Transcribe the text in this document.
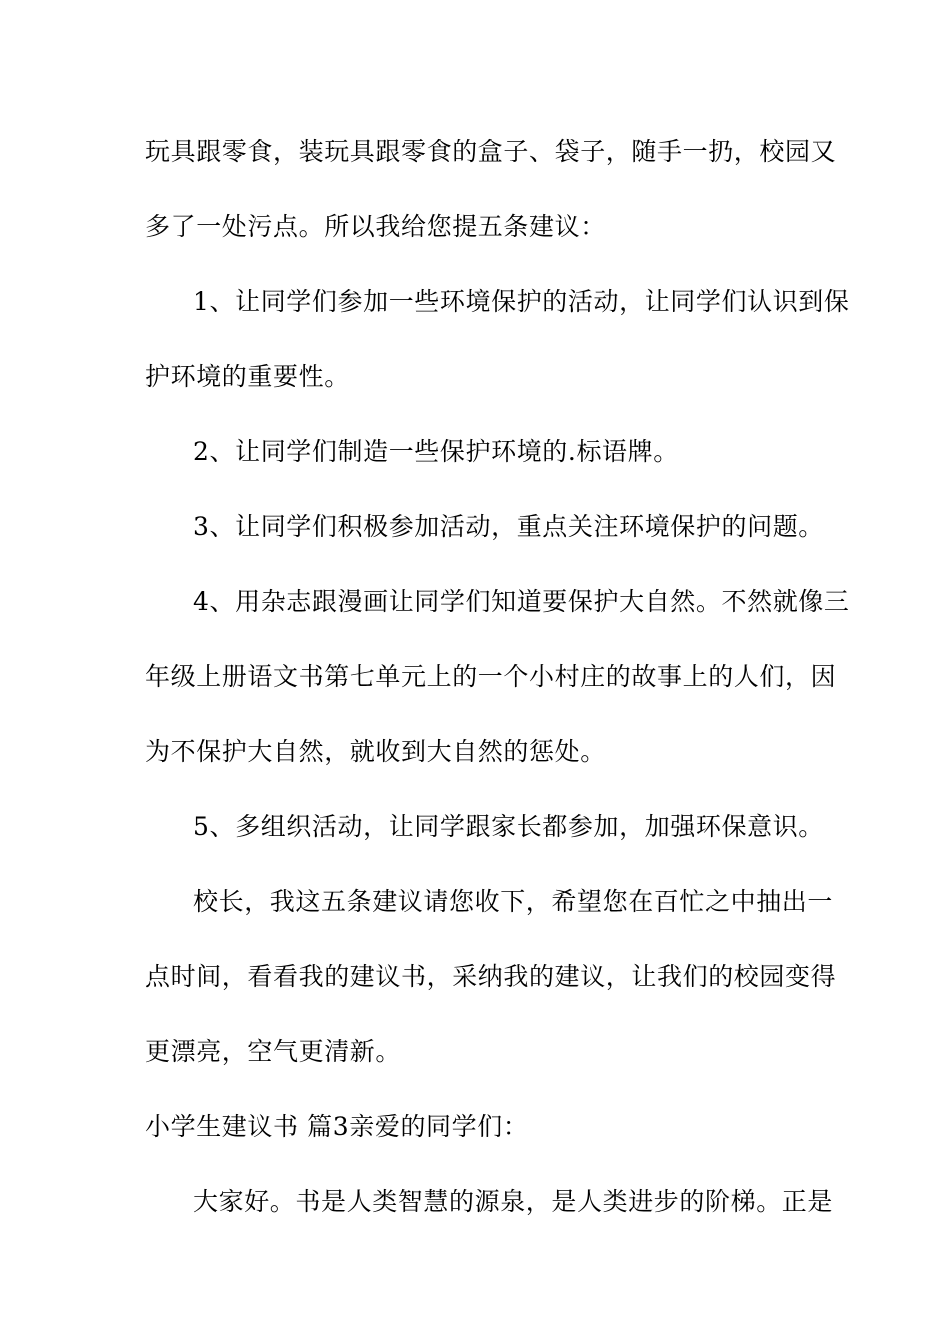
玩具跟零食，装玩具跟零食的盒子、袋子，随手一扔，校园又
多了一处污点。所以我给您提五条建议：
1、让同学们参加一些环境保护的活动，让同学们认识到保
护环境的重要性。
2、让同学们制造一些保护环境的.标语牌。
3、让同学们积极参加活动，重点关注环境保护的问题。
4、用杂志跟漫画让同学们知道要保护大自然。不然就像三
年级上册语文书第七单元上的一个小村庄的故事上的人们，因
为不保护大自然，就收到大自然的惩处。
5、多组织活动，让同学跟家长都参加，加强环保意识。
校长，我这五条建议请您收下，希望您在百忙之中抽出一
点时间，看看我的建议书，采纳我的建议，让我们的校园变得
更漂亮，空气更清新。
小学生建议书 篇3亲爱的同学们：
大家好。书是人类智慧的源泉，是人类进步的阶梯。正是
